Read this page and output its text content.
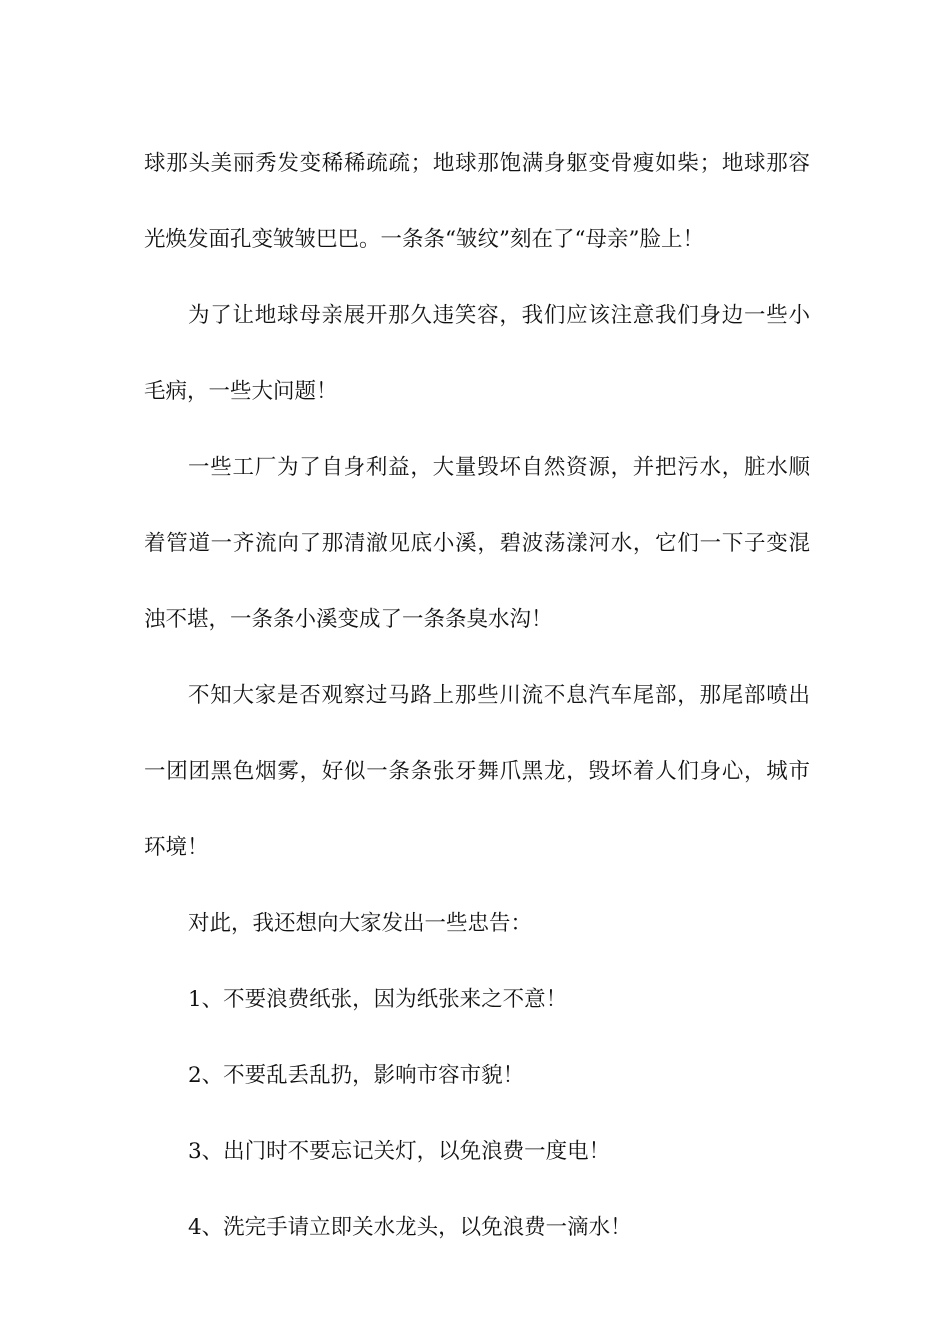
球那头美丽秀发变稀稀疏疏；地球那饱满身躯变骨瘦如柴；地球那容光焕发面孔变皱皱巴巴。一条条“皱纹”刻在了“母亲”脸上！

为了让地球母亲展开那久违笑容，我们应该注意我们身边一些小毛病，一些大问题！

一些工厂为了自身利益，大量毁坏自然资源，并把污水，脏水顺着管道一齐流向了那清澈见底小溪，碧波荡漾河水，它们一下子变混浊不堪，一条条小溪变成了一条条臭水沟！

不知大家是否观察过马路上那些川流不息汽车尾部，那尾部喷出一团团黑色烟雾，好似一条条张牙舞爪黑龙，毁坏着人们身心，城市环境！

对此，我还想向大家发出一些忠告：

1、不要浪费纸张，因为纸张来之不意！

2、不要乱丢乱扔，影响市容市貌！

3、出门时不要忘记关灯，以免浪费一度电！

4、洗完手请立即关水龙头，以免浪费一滴水！
